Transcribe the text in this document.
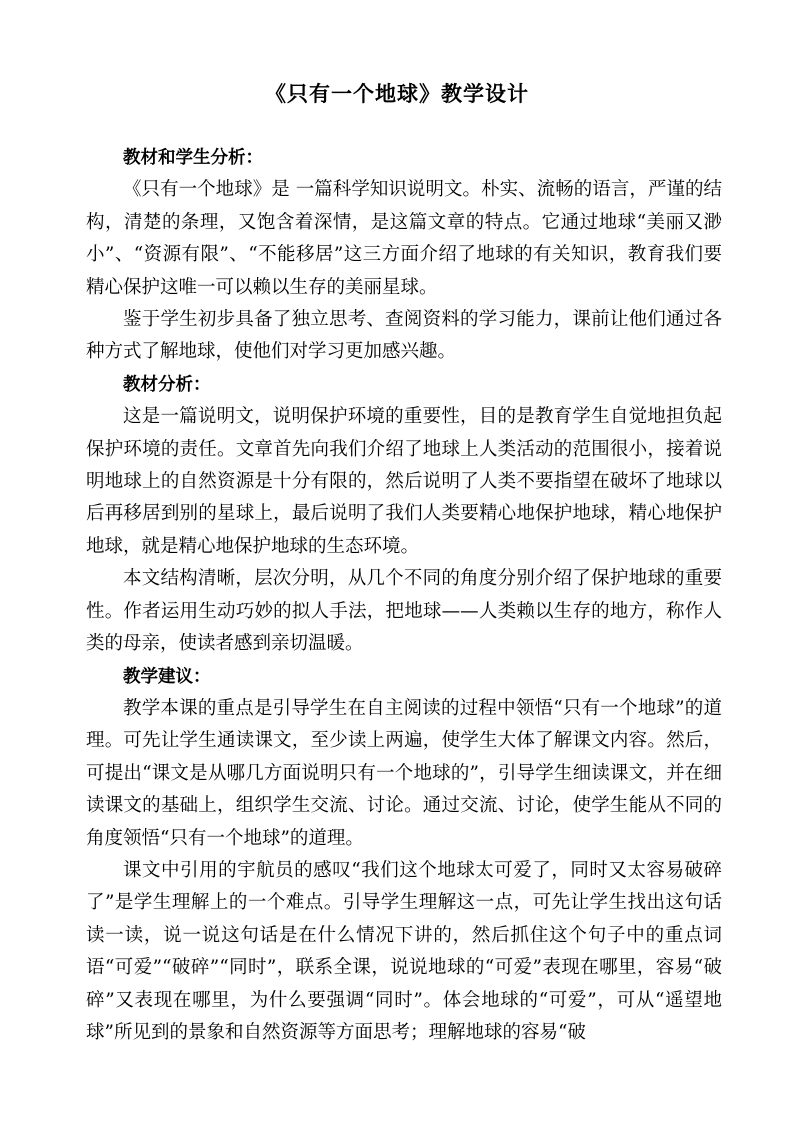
《只有一个地球》教学设计
教材和学生分析：

《只有一个地球》是 一篇科学知识说明文。朴实、流畅的语言，严谨的结构，清楚的条理，又饱含着深情，是这篇文章的特点。它通过地球“美丽又渺小”、“资源有限”、“不能移居”这三方面介绍了地球的有关知识，教育我们要精心保护这唯一可以赖以生存的美丽星球。

鉴于学生初步具备了独立思考、查阅资料的学习能力，课前让他们通过各种方式了解地球，使他们对学习更加感兴趣。

教材分析：

这是一篇说明文，说明保护环境的重要性，目的是教育学生自觉地担负起保护环境的责任。文章首先向我们介绍了地球上人类活动的范围很小，接着说明地球上的自然资源是十分有限的，然后说明了人类不要指望在破坏了地球以后再移居到别的星球上，最后说明了我们人类要精心地保护地球，精心地保护地球，就是精心地保护地球的生态环境。

本文结构清晰，层次分明，从几个不同的角度分别介绍了保护地球的重要性。作者运用生动巧妙的拟人手法，把地球——人类赖以生存的地方，称作人类的母亲，使读者感到亲切温暖。

教学建议：

教学本课的重点是引导学生在自主阅读的过程中领悟“只有一个地球”的道理。可先让学生通读课文，至少读上两遍，使学生大体了解课文内容。然后，可提出“课文是从哪几方面说明只有一个地球的”，引导学生细读课文，并在细读课文的基础上，组织学生交流、讨论。通过交流、讨论，使学生能从不同的角度领悟“只有一个地球”的道理。

课文中引用的宇航员的感叹“我们这个地球太可爱了，同时又太容易破碎了”是学生理解上的一个难点。引导学生理解这一点，可先让学生找出这句话读一读，说一说这句话是在什么情况下讲的，然后抓住这个句子中的重点词语“可爱”“破碎”“同时”，联系全课，说说地球的“可爱”表现在哪里，容易“破碎”又表现在哪里，为什么要强调“同时”。体会地球的“可爱”，可从“遥望地球”所见到的景象和自然资源等方面思考；理解地球的容易“破
